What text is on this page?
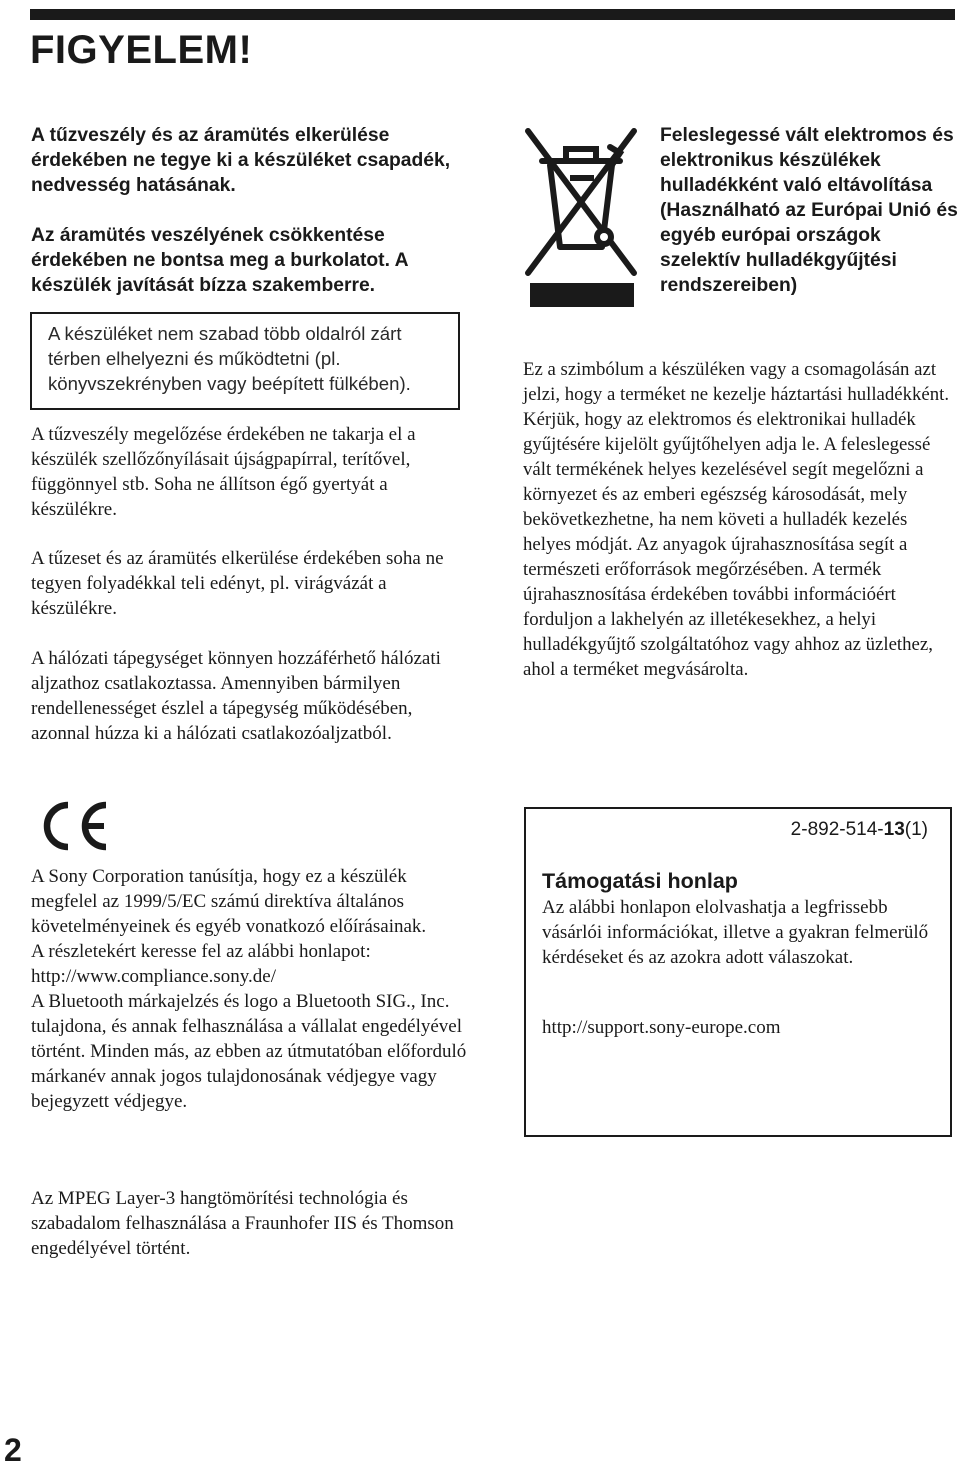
FIGYELEM!

A tűzveszély és az áramütés elkerülése érdekében ne tegye ki a készüléket csapadék, nedvesség hatásának.

Az áramütés veszélyének csökkentése érdekében ne bontsa meg a burkolatot. A készülék javítását bízza szakemberre.

A készüléket nem szabad több oldalról zárt térben elhelyezni és működtetni (pl. könyvszekrényben vagy beépített fülkében).

A tűzveszély megelőzése érdekében ne takarja el a készülék szellőzőnyílásait újságpapírral, terítővel, függönnyel stb. Soha ne állítson égő gyertyát a készülékre.

A tűzeset és az áramütés elkerülése érdekében soha ne tegyen folyadékkal teli edényt, pl. virágvázát a készülékre.

A hálózati tápegységet könnyen hozzáférhető hálózati aljzathoz csatlakoztassa. Amennyiben bármilyen rendellenességet észlel a tápegység működésében, azonnal húzza ki a hálózati csatlakozóaljzatból.

A Sony Corporation tanúsítja, hogy ez a készülék megfelel az 1999/5/EC számú direktíva általános követelményeinek és egyéb vonatkozó előírásainak.

A részletekért keresse fel az alábbi honlapot:

http://www.compliance.sony.de/

A Bluetooth márkajelzés és logo a Bluetooth SIG., Inc. tulajdona, és annak felhasználása a vállalat engedélyével történt. Minden más, az ebben az útmutatóban előforduló márkanév annak jogos tulajdonosának védjegye vagy bejegyzett védjegye.

Az MPEG Layer-3 hangtömörítési technológia és szabadalom felhasználása a Fraunhofer IIS és Thomson engedélyével történt.

Feleslegessé vált elektromos és elektronikus készülékek hulladékként való eltávolítása (Használható az Európai Unió és egyéb európai országok szelektív hulladékgyűjtési rendszereiben)

Ez a szimbólum a készüléken vagy a csomagolásán azt jelzi, hogy a terméket ne kezelje háztartási hulladékként. Kérjük, hogy az elektromos és elektronikai hulladék gyűjtésére kijelölt gyűjtőhelyen adja le. A feleslegessé vált termékének helyes kezelésével segít megelőzni a környezet és az emberi egészség károsodását, mely bekövetkezhetne, ha nem követi a hulladék kezelés helyes módját. Az anyagok újrahasznosítása segít a természeti erőforrások megőrzésében. A termék újrahasznosítása érdekében további információért forduljon a lakhelyén az illetékesekhez, a helyi hulladékgyűjtő szolgáltatóhoz vagy ahhoz az üzlethez, ahol a terméket megvásárolta.

2-892-514-13(1)
Támogatási honlap

Az alábbi honlapon elolvashatja a legfrissebb vásárlói információkat, illetve a gyakran felmerülő kérdéseket és az azokra adott válaszokat.

http://support.sony-europe.com

2
